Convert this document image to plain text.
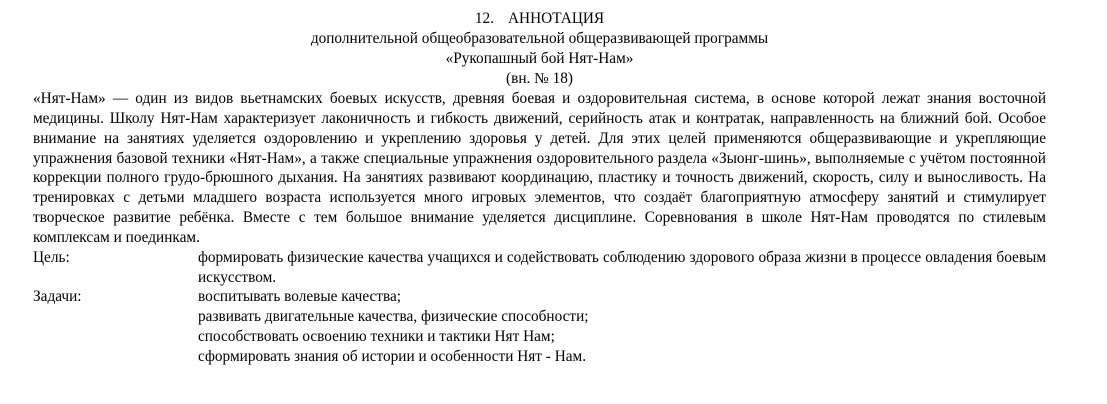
12. АННОТАЦИЯ
дополнительной общеобразовательной общеразвивающей программы
«Рукопашный бой Нят-Нам»
(вн. № 18)

«Нят-Нам» — один из видов вьетнамских боевых искусств, древняя боевая и оздоровительная система, в основе которой лежат знания восточной медицины. Школу Нят-Нам характеризует лаконичность и гибкость движений, серийность атак и контратак, направленность на ближний бой. Особое внимание на занятиях уделяется оздоровлению и укреплению здоровья у детей. Для этих целей применяются общеразвивающие и укрепляющие упражнения базовой техники «Нят-Нам», а также специальные упражнения оздоровительного раздела «Зыонг-шинь», выполняемые с учётом постоянной коррекции полного грудо-брюшного дыхания. На занятиях развивают координацию, пластику и точность движений, скорость, силу и выносливость. На тренировках с детьми младшего возраста используется много игровых элементов, что создаёт благоприятную атмосферу занятий и стимулирует творческое развитие ребёнка. Вместе с тем большое внимание уделяется дисциплине. Соревнования в школе Нят-Нам проводятся по стилевым комплексам и поединкам.

Цель:	формировать физические качества учащихся и содействовать соблюдению здорового образа жизни в процессе овладения боевым искусством.
Задачи:	воспитывать волевые качества;
развивать двигательные качества, физические способности;
способствовать освоению техники и тактики Нят Нам;
сформировать знания об истории и особенности Нят - Нам.
